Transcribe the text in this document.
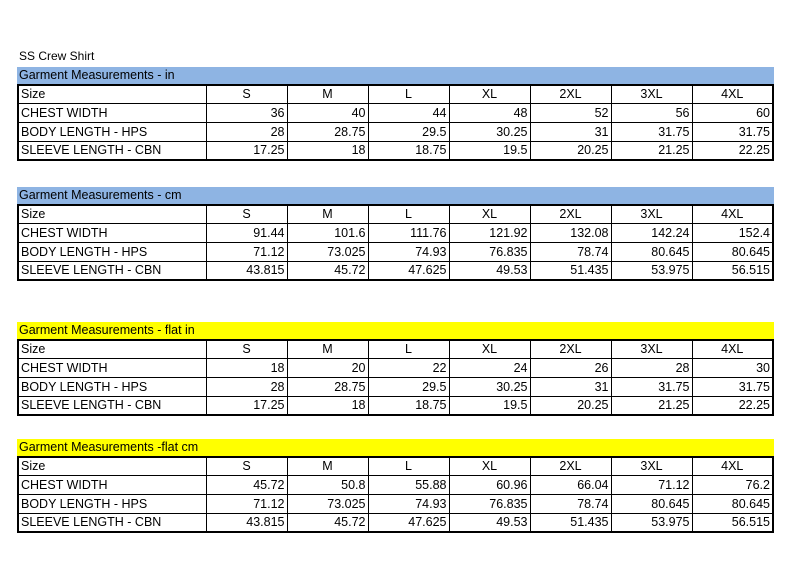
SS Crew Shirt
Garment Measurements - in
Size	S	M	L	XL	2XL	3XL	4XL
CHEST WIDTH	36	40	44	48	52	56	60
BODY LENGTH - HPS	28	28.75	29.5	30.25	31	31.75	31.75
SLEEVE LENGTH - CBN	17.25	18	18.75	19.5	20.25	21.25	22.25
Garment Measurements - cm
Size	S	M	L	XL	2XL	3XL	4XL
CHEST WIDTH	91.44	101.6	111.76	121.92	132.08	142.24	152.4
BODY LENGTH - HPS	71.12	73.025	74.93	76.835	78.74	80.645	80.645
SLEEVE LENGTH - CBN	43.815	45.72	47.625	49.53	51.435	53.975	56.515
Garment Measurements - flat in
Size	S	M	L	XL	2XL	3XL	4XL
CHEST WIDTH	18	20	22	24	26	28	30
BODY LENGTH - HPS	28	28.75	29.5	30.25	31	31.75	31.75
SLEEVE LENGTH - CBN	17.25	18	18.75	19.5	20.25	21.25	22.25
Garment Measurements -flat cm
Size	S	M	L	XL	2XL	3XL	4XL
CHEST WIDTH	45.72	50.8	55.88	60.96	66.04	71.12	76.2
BODY LENGTH - HPS	71.12	73.025	74.93	76.835	78.74	80.645	80.645
SLEEVE LENGTH - CBN	43.815	45.72	47.625	49.53	51.435	53.975	56.515
